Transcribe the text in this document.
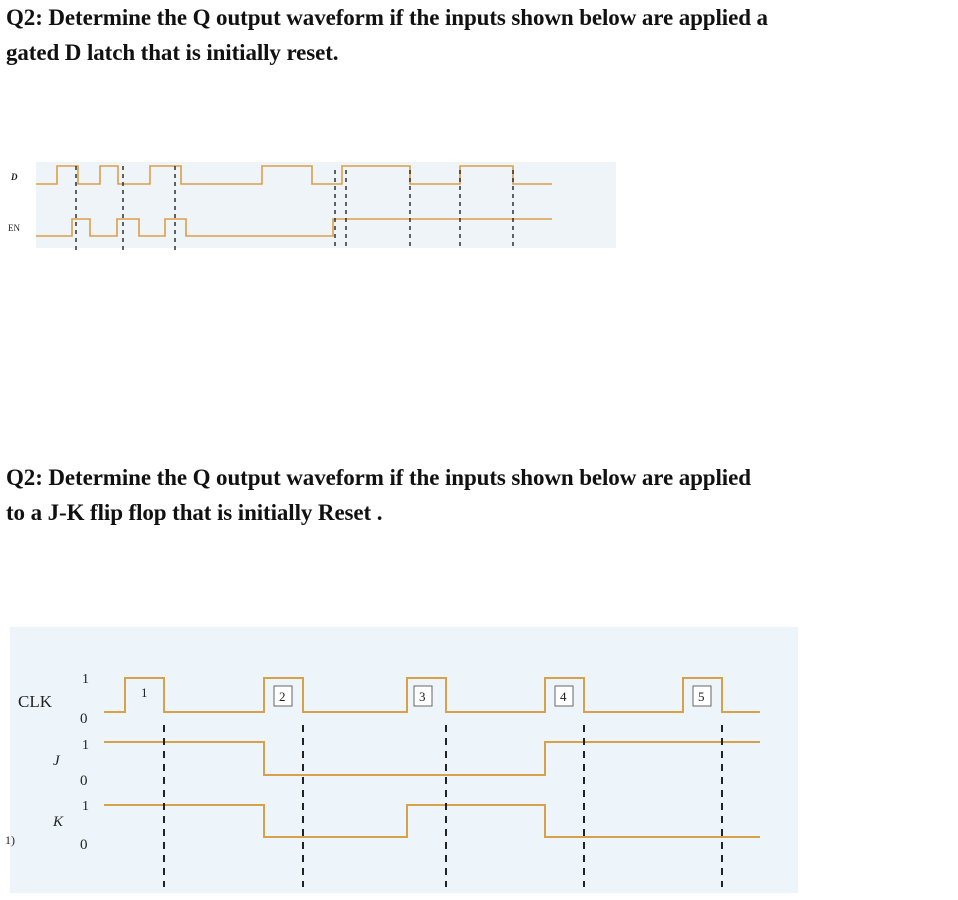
Q2: Determine the Q output waveform if the inputs shown below are applied a
gated D latch that is initially reset.

D
EN

Q2: Determine the Q output waveform if the inputs shown below are applied
to a J-K flip flop that is initially Reset .

CLK
J
K
1)
1
0
1
0
1
0
1	2	3	4	5
